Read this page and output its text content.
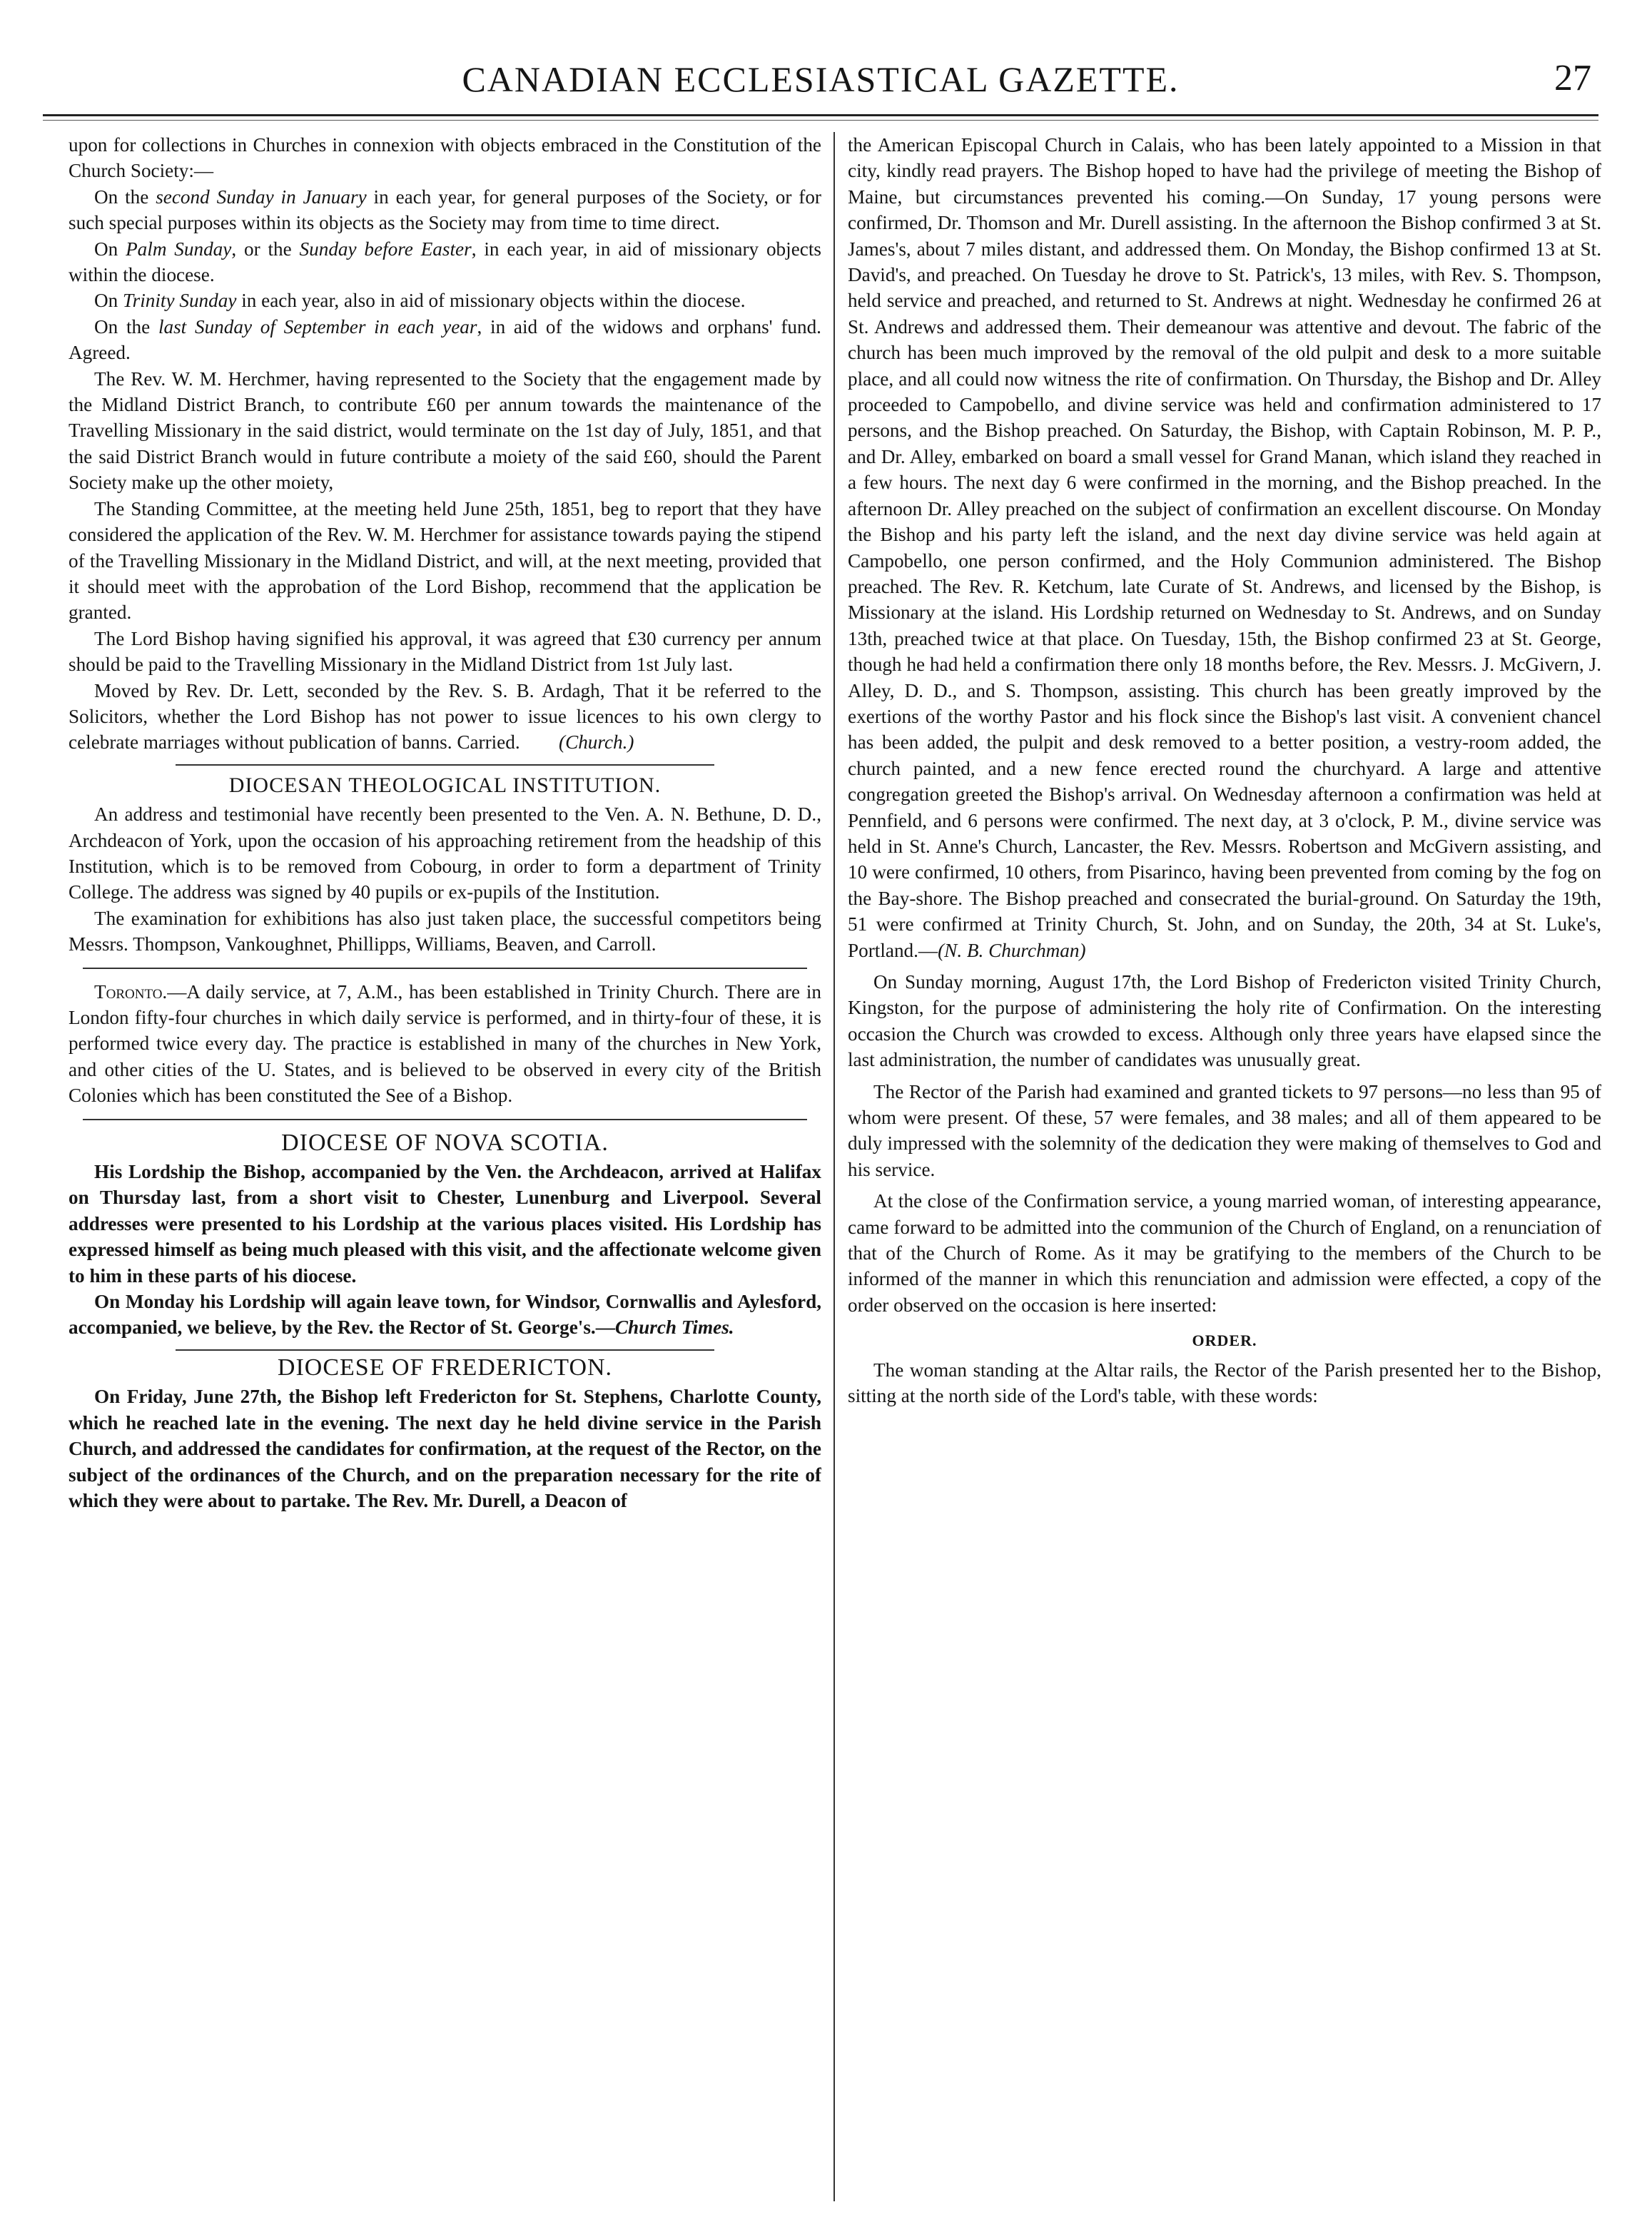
CANADIAN ECCLESIASTICAL GAZETTE.	27

upon for collections in Churches in connexion with objects embraced in the Constitution of the Church Society:—

On the second Sunday in January in each year, for general purposes of the Society, or for such special purposes within its objects as the Society may from time to time direct.

On Palm Sunday, or the Sunday before Easter, in each year, in aid of missionary objects within the diocese.

On Trinity Sunday in each year, also in aid of missionary objects within the diocese.

On the last Sunday of September in each year, in aid of the widows and orphans' fund. Agreed.

The Rev. W. M. Herchmer, having represented to the Society that the engagement made by the Midland District Branch, to contribute £60 per annum towards the maintenance of the Travelling Missionary in the said district, would terminate on the 1st day of July, 1851, and that the said District Branch would in future contribute a moiety of the said £60, should the Parent Society make up the other moiety,

The Standing Committee, at the meeting held June 25th, 1851, beg to report that they have considered the application of the Rev. W. M. Herchmer for assistance towards paying the stipend of the Travelling Missionary in the Midland District, and will, at the next meeting, provided that it should meet with the approbation of the Lord Bishop, recommend that the application be granted.

The Lord Bishop having signified his approval, it was agreed that £30 currency per annum should be paid to the Travelling Missionary in the Midland District from 1st July last.

Moved by Rev. Dr. Lett, seconded by the Rev. S. B. Ardagh, That it be referred to the Solicitors, whether the Lord Bishop has not power to issue licences to his own clergy to celebrate marriages without publication of banns. Carried. (Church.)

DIOCESAN THEOLOGICAL INSTITUTION.

An address and testimonial have recently been presented to the Ven. A. N. Bethune, D. D., Archdeacon of York, upon the occasion of his approaching retirement from the headship of this Institution, which is to be removed from Cobourg, in order to form a department of Trinity College. The address was signed by 40 pupils or ex-pupils of the Institution.

The examination for exhibitions has also just taken place, the successful competitors being Messrs. Thompson, Vankoughnet, Phillipps, Williams, Beaven, and Carroll.

Toronto.—A daily service, at 7, A.M., has been established in Trinity Church. There are in London fifty-four churches in which daily service is performed, and in thirty-four of these, it is performed twice every day. The practice is established in many of the churches in New York, and other cities of the U. States, and is believed to be observed in every city of the British Colonies which has been constituted the See of a Bishop.

DIOCESE OF NOVA SCOTIA.

His Lordship the Bishop, accompanied by the Ven. the Archdeacon, arrived at Halifax on Thursday last, from a short visit to Chester, Lunenburg and Liverpool. Several addresses were presented to his Lordship at the various places visited. His Lordship has expressed himself as being much pleased with this visit, and the affectionate welcome given to him in these parts of his diocese.

On Monday his Lordship will again leave town, for Windsor, Cornwallis and Aylesford, accompanied, we believe, by the Rev. the Rector of St. George's.—Church Times.

DIOCESE OF FREDERICTON.

On Friday, June 27th, the Bishop left Fredericton for St. Stephens, Charlotte County, which he reached late in the evening. The next day he held divine service in the Parish Church, and addressed the candidates for confirmation, at the request of the Rector, on the subject of the ordinances of the Church, and on the preparation necessary for the rite of which they were about to partake. The Rev. Mr. Durell, a Deacon of

the American Episcopal Church in Calais, who has been lately appointed to a Mission in that city, kindly read prayers. The Bishop hoped to have had the privilege of meeting the Bishop of Maine, but circumstances prevented his coming.—On Sunday, 17 young persons were confirmed, Dr. Thomson and Mr. Durell assisting. In the afternoon the Bishop confirmed 3 at St. James's, about 7 miles distant, and addressed them. On Monday, the Bishop confirmed 13 at St. David's, and preached. On Tuesday he drove to St. Patrick's, 13 miles, with Rev. S. Thompson, held service and preached, and returned to St. Andrews at night. Wednesday he confirmed 26 at St. Andrews and addressed them. Their demeanour was attentive and devout. The fabric of the church has been much improved by the removal of the old pulpit and desk to a more suitable place, and all could now witness the rite of confirmation. On Thursday, the Bishop and Dr. Alley proceeded to Campobello, and divine service was held and confirmation administered to 17 persons, and the Bishop preached. On Saturday, the Bishop, with Captain Robinson, M. P. P., and Dr. Alley, embarked on board a small vessel for Grand Manan, which island they reached in a few hours. The next day 6 were confirmed in the morning, and the Bishop preached. In the afternoon Dr. Alley preached on the subject of confirmation an excellent discourse. On Monday the Bishop and his party left the island, and the next day divine service was held again at Campobello, one person confirmed, and the Holy Communion administered. The Bishop preached. The Rev. R. Ketchum, late Curate of St. Andrews, and licensed by the Bishop, is Missionary at the island. His Lordship returned on Wednesday to St. Andrews, and on Sunday 13th, preached twice at that place. On Tuesday, 15th, the Bishop confirmed 23 at St. George, though he had held a confirmation there only 18 months before, the Rev. Messrs. J. McGivern, J. Alley, D. D., and S. Thompson, assisting. This church has been greatly improved by the exertions of the worthy Pastor and his flock since the Bishop's last visit. A convenient chancel has been added, the pulpit and desk removed to a better position, a vestry-room added, the church painted, and a new fence erected round the churchyard. A large and attentive congregation greeted the Bishop's arrival. On Wednesday afternoon a confirmation was held at Pennfield, and 6 persons were confirmed. The next day, at 3 o'clock, P. M., divine service was held in St. Anne's Church, Lancaster, the Rev. Messrs. Robertson and McGivern assisting, and 10 were confirmed, 10 others, from Pisarinco, having been prevented from coming by the fog on the Bay-shore. The Bishop preached and consecrated the burial-ground. On Saturday the 19th, 51 were confirmed at Trinity Church, St. John, and on Sunday, the 20th, 34 at St. Luke's, Portland.—(N. B. Churchman)

On Sunday morning, August 17th, the Lord Bishop of Fredericton visited Trinity Church, Kingston, for the purpose of administering the holy rite of Confirmation. On the interesting occasion the Church was crowded to excess. Although only three years have elapsed since the last administration, the number of candidates was unusually great.

The Rector of the Parish had examined and granted tickets to 97 persons—no less than 95 of whom were present. Of these, 57 were females, and 38 males; and all of them appeared to be duly impressed with the solemnity of the dedication they were making of themselves to God and his service.

At the close of the Confirmation service, a young married woman, of interesting appearance, came forward to be admitted into the communion of the Church of England, on a renunciation of that of the Church of Rome. As it may be gratifying to the members of the Church to be informed of the manner in which this renunciation and admission were effected, a copy of the order observed on the occasion is here inserted:

ORDER.

The woman standing at the Altar rails, the Rector of the Parish presented her to the Bishop, sitting at the north side of the Lord's table, with these words:
